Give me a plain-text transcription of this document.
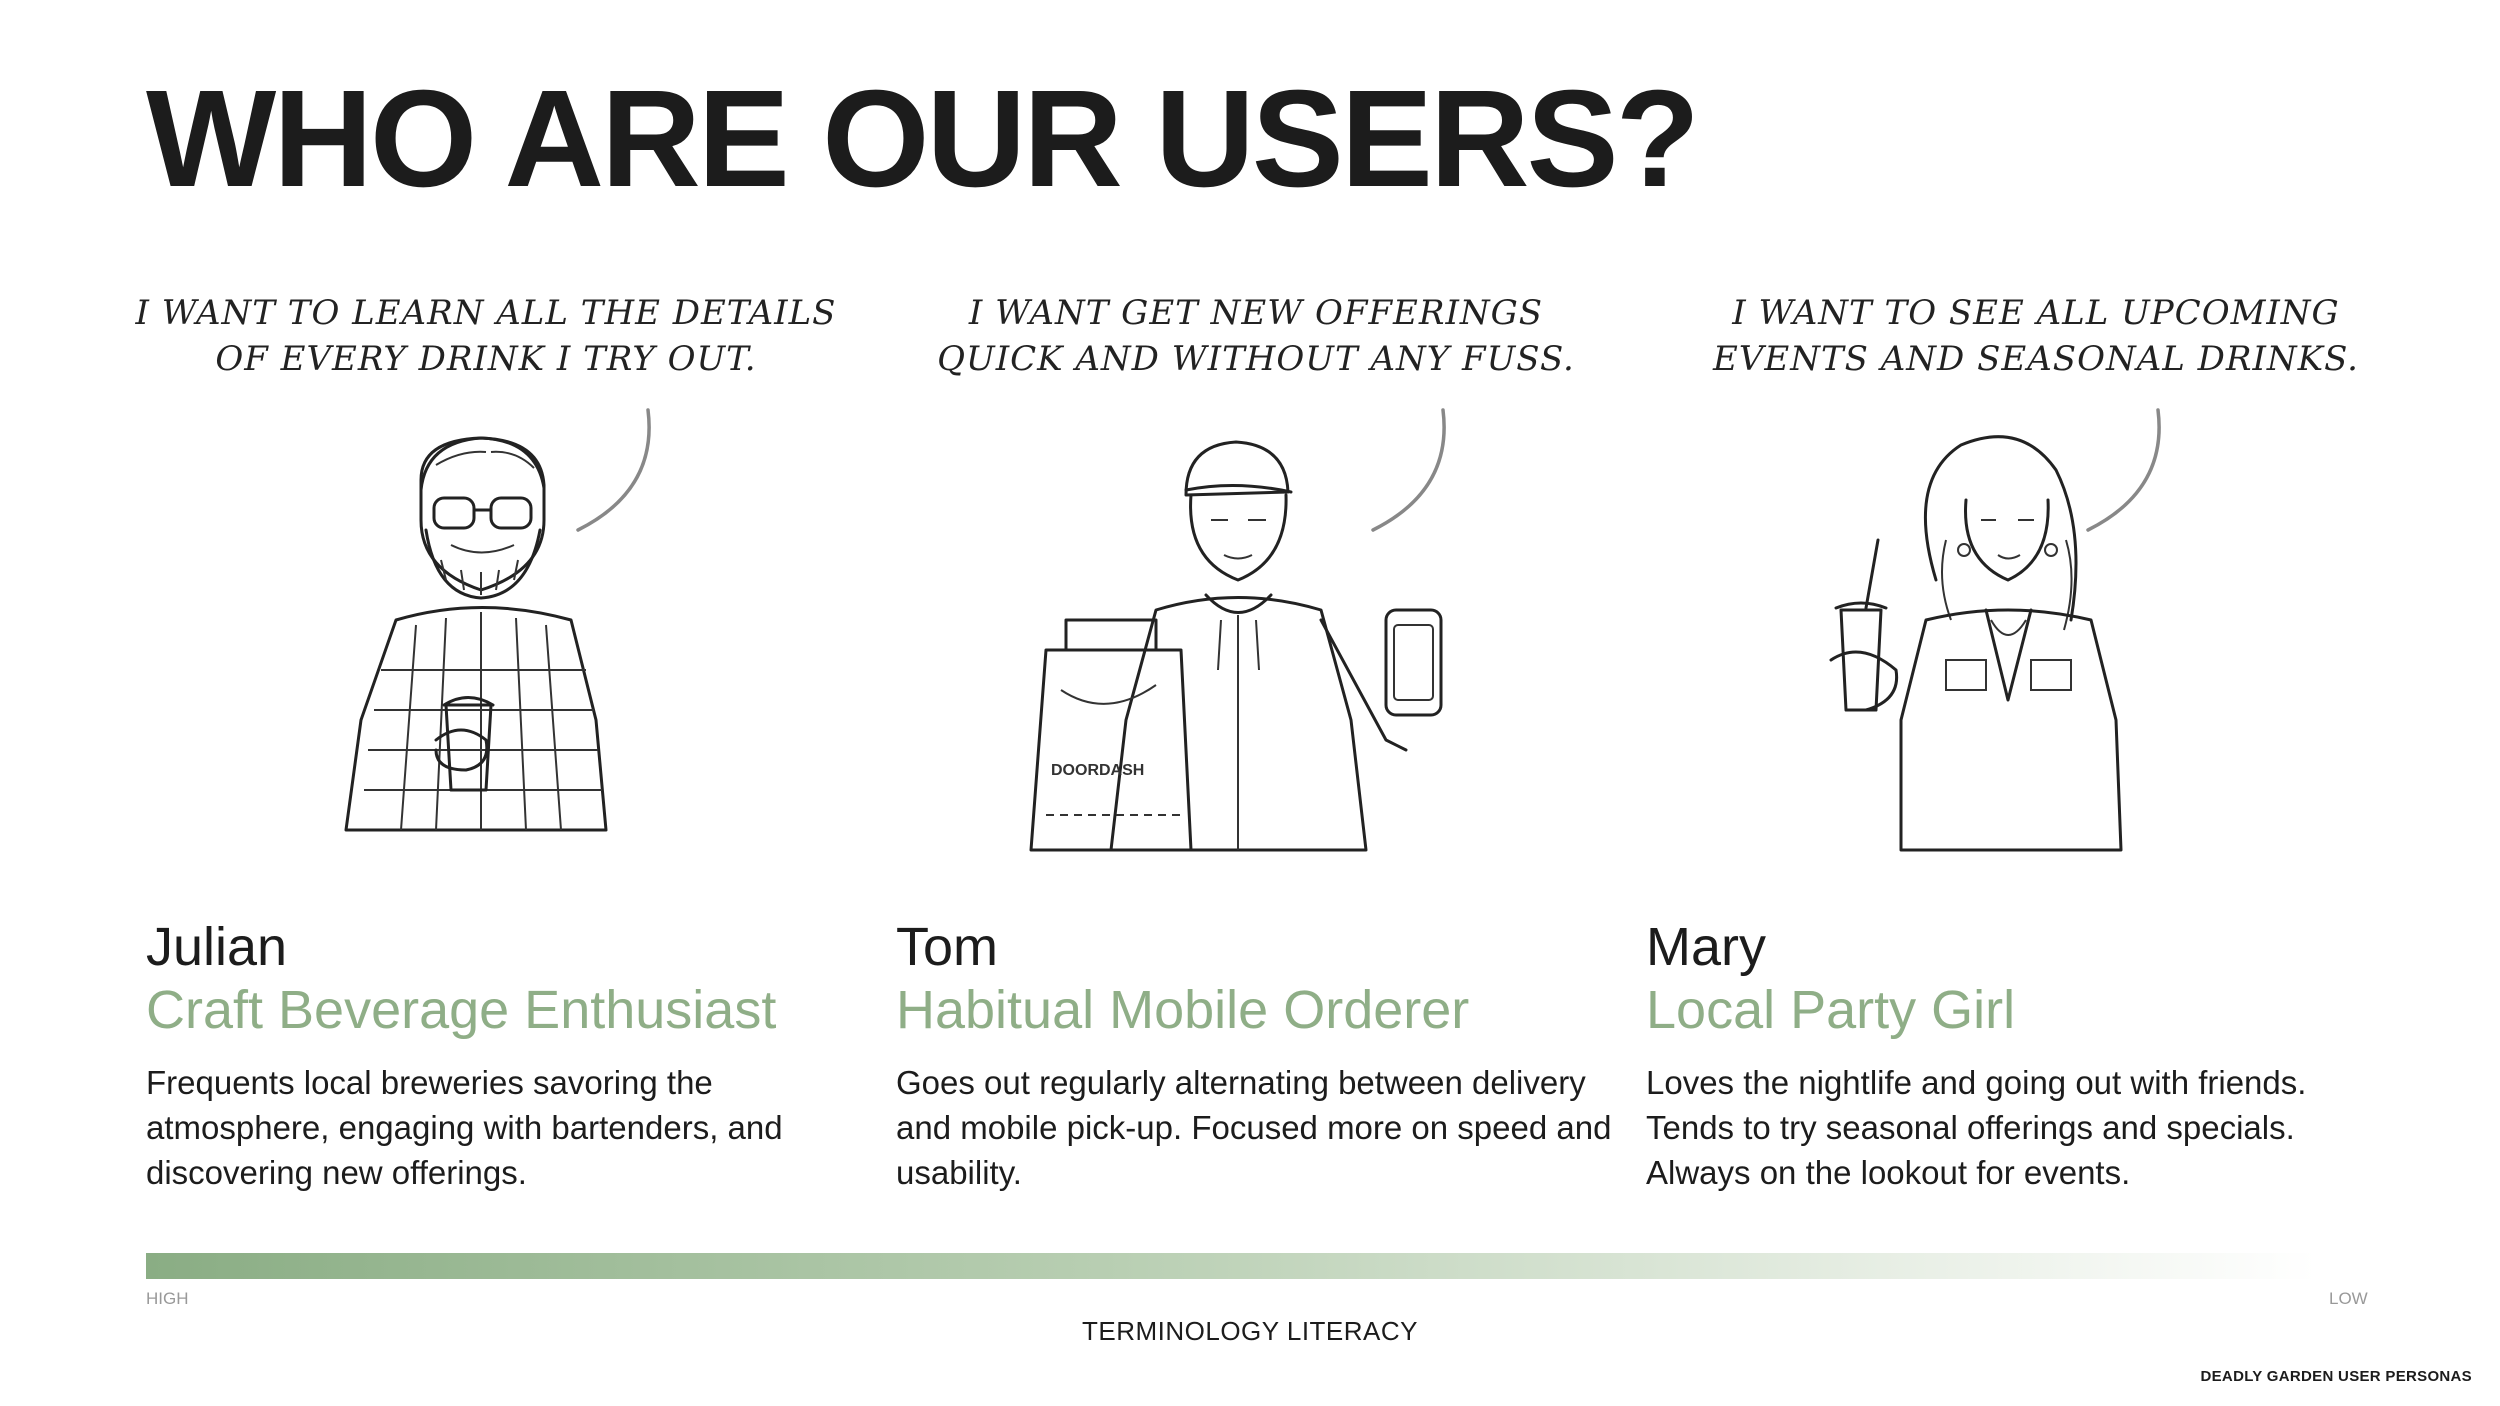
WHO ARE OUR USERS?
I WANT TO LEARN ALL THE DETAILS
OF EVERY DRINK I TRY OUT.
Julian
Craft Beverage Enthusiast
Frequents local breweries savoring the atmosphere, engaging with bartenders, and discovering new offerings.
I WANT GET NEW OFFERINGS
QUICK AND WITHOUT ANY FUSS.
DOORDASH
Tom
Habitual Mobile Orderer
Goes out regularly alternating between delivery and mobile pick-up. Focused more on speed and usability.
I WANT TO SEE ALL UPCOMING
EVENTS AND SEASONAL DRINKS.
Mary
Local Party Girl
Loves the nightlife and going out with friends. Tends to try seasonal offerings and specials. Always on the lookout for events.
HIGH	LOW
TERMINOLOGY LITERACY
DEADLY GARDEN USER PERSONAS
